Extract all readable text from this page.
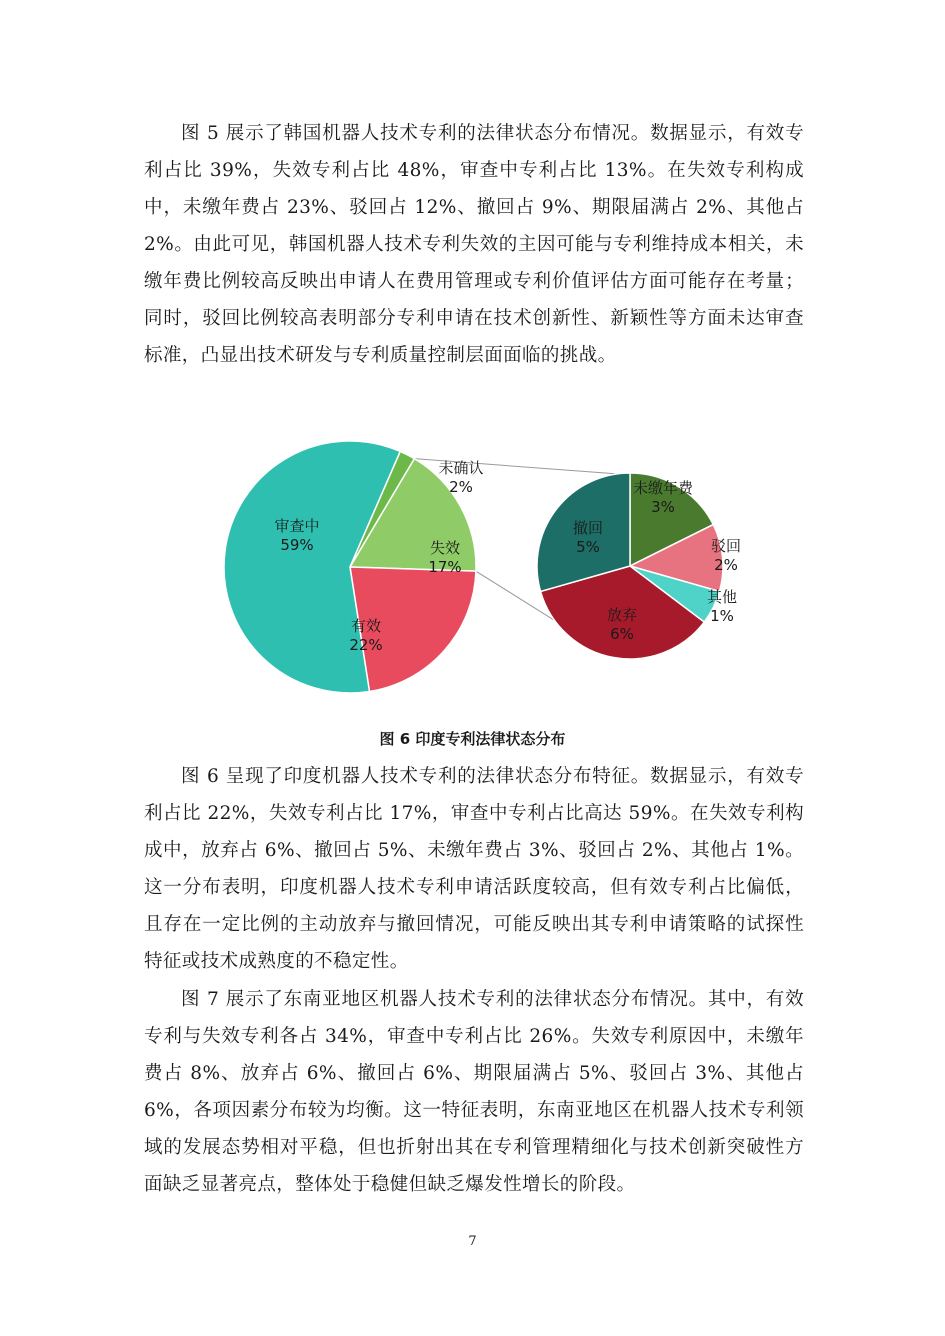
图 5 展示了韩国机器人技术专利的法律状态分布情况。数据显示，有效专利占比 39%，失效专利占比 48%，审查中专利占比 13%。在失效专利构成中，未缴年费占 23%、驳回占 12%、撤回占 9%、期限届满占 2%、其他占 2%。由此可见，韩国机器人技术专利失效的主因可能与专利维持成本相关，未缴年费比例较高反映出申请人在费用管理或专利价值评估方面可能存在考量；同时，驳回比例较高表明部分专利申请在技术创新性、新颖性等方面未达审查标准，凸显出技术研发与专利质量控制层面面临的挑战。

审查中 59%
有效 22%
失效 17%
未确认 2%	未缴年费 3%
驳回 2%
其他 1%
放弃 6%
撤回 5%

图 6 印度专利法律状态分布

图 6 呈现了印度机器人技术专利的法律状态分布特征。数据显示，有效专利占比 22%，失效专利占比 17%，审查中专利占比高达 59%。在失效专利构成中，放弃占 6%、撤回占 5%、未缴年费占 3%、驳回占 2%、其他占 1%。这一分布表明，印度机器人技术专利申请活跃度较高，但有效专利占比偏低，且存在一定比例的主动放弃与撤回情况，可能反映出其专利申请策略的试探性特征或技术成熟度的不稳定性。

图 7 展示了东南亚地区机器人技术专利的法律状态分布情况。其中，有效专利与失效专利各占 34%，审查中专利占比 26%。失效专利原因中，未缴年费占 8%、放弃占 6%、撤回占 6%、期限届满占 5%、驳回占 3%、其他占 6%，各项因素分布较为均衡。这一特征表明，东南亚地区在机器人技术专利领域的发展态势相对平稳，但也折射出其在专利管理精细化与技术创新突破性方面缺乏显著亮点，整体处于稳健但缺乏爆发性增长的阶段。

7
